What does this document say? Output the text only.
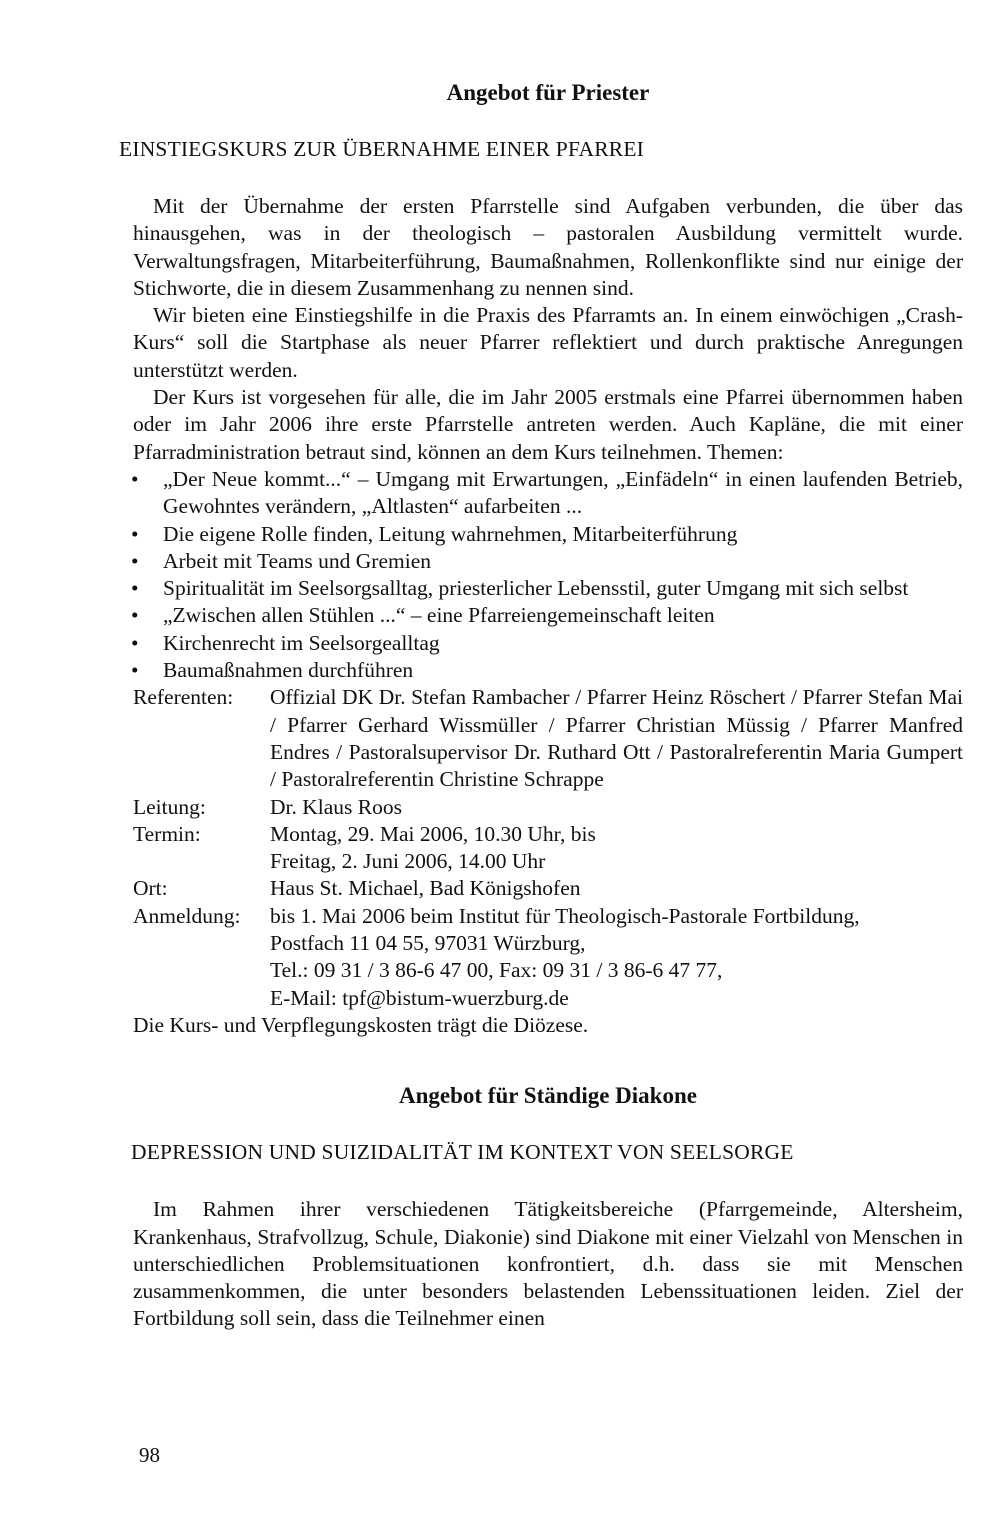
Angebot für Priester
EINSTIEGSKURS ZUR ÜBERNAHME EINER PFARREI

Mit der Übernahme der ersten Pfarrstelle sind Aufgaben verbunden, die über das hinausgehen, was in der theologisch – pastoralen Ausbildung vermittelt wurde. Verwaltungsfragen, Mitarbeiterführung, Baumaßnahmen, Rollenkonflikte sind nur einige der Stichworte, die in diesem Zusammenhang zu nennen sind.

Wir bieten eine Einstiegshilfe in die Praxis des Pfarramts an. In einem einwöchigen „Crash-Kurs“ soll die Startphase als neuer Pfarrer reflektiert und durch praktische Anregungen unterstützt werden.

Der Kurs ist vorgesehen für alle, die im Jahr 2005 erstmals eine Pfarrei übernommen haben oder im Jahr 2006 ihre erste Pfarrstelle antreten werden. Auch Kapläne, die mit einer Pfarradministration betraut sind, können an dem Kurs teilnehmen. Themen:

• „Der Neue kommt...“ – Umgang mit Erwartungen, „Einfädeln“ in einen laufenden Betrieb, Gewohntes verändern, „Altlasten“ aufarbeiten ...
• Die eigene Rolle finden, Leitung wahrnehmen, Mitarbeiterführung
• Arbeit mit Teams und Gremien
• Spiritualität im Seelsorgsalltag, priesterlicher Lebensstil, guter Umgang mit sich selbst
• „Zwischen allen Stühlen ...“ – eine Pfarreiengemeinschaft leiten
• Kirchenrecht im Seelsorgealltag
• Baumaßnahmen durchführen
Referenten:	Offizial DK Dr. Stefan Rambacher / Pfarrer Heinz Röschert / Pfarrer Stefan Mai / Pfarrer Gerhard Wissmüller / Pfarrer Christian Müssig / Pfarrer Manfred Endres / Pastoralsupervisor Dr. Ruthard Ott / Pastoralreferentin Maria Gumpert / Pastoralreferentin Christine Schrappe
Leitung:	Dr. Klaus Roos
Termin:	Montag, 29. Mai 2006, 10.30 Uhr, bis
Freitag, 2. Juni 2006, 14.00 Uhr

Ort:	Haus St. Michael, Bad Königshofen
Anmeldung:	bis 1. Mai 2006 beim Institut für Theologisch-Pastorale Fortbildung,
Postfach 11 04 55, 97031 Würzburg,
Tel.: 09 31 / 3 86-6 47 00, Fax: 09 31 / 3 86-6 47 77,
E-Mail: tpf@bistum-wuerzburg.de

Die Kurs- und Verpflegungskosten trägt die Diözese.

Angebot für Ständige Diakone
DEPRESSION UND SUIZIDALITÄT IM KONTEXT VON SEELSORGE

Im Rahmen ihrer verschiedenen Tätigkeitsbereiche (Pfarrgemeinde, Altersheim, Krankenhaus, Strafvollzug, Schule, Diakonie) sind Diakone mit einer Vielzahl von Menschen in unterschiedlichen Problemsituationen konfrontiert, d.h. dass sie mit Menschen zusammenkommen, die unter besonders belastenden Lebenssituationen leiden. Ziel der Fortbildung soll sein, dass die Teilnehmer einen

98
